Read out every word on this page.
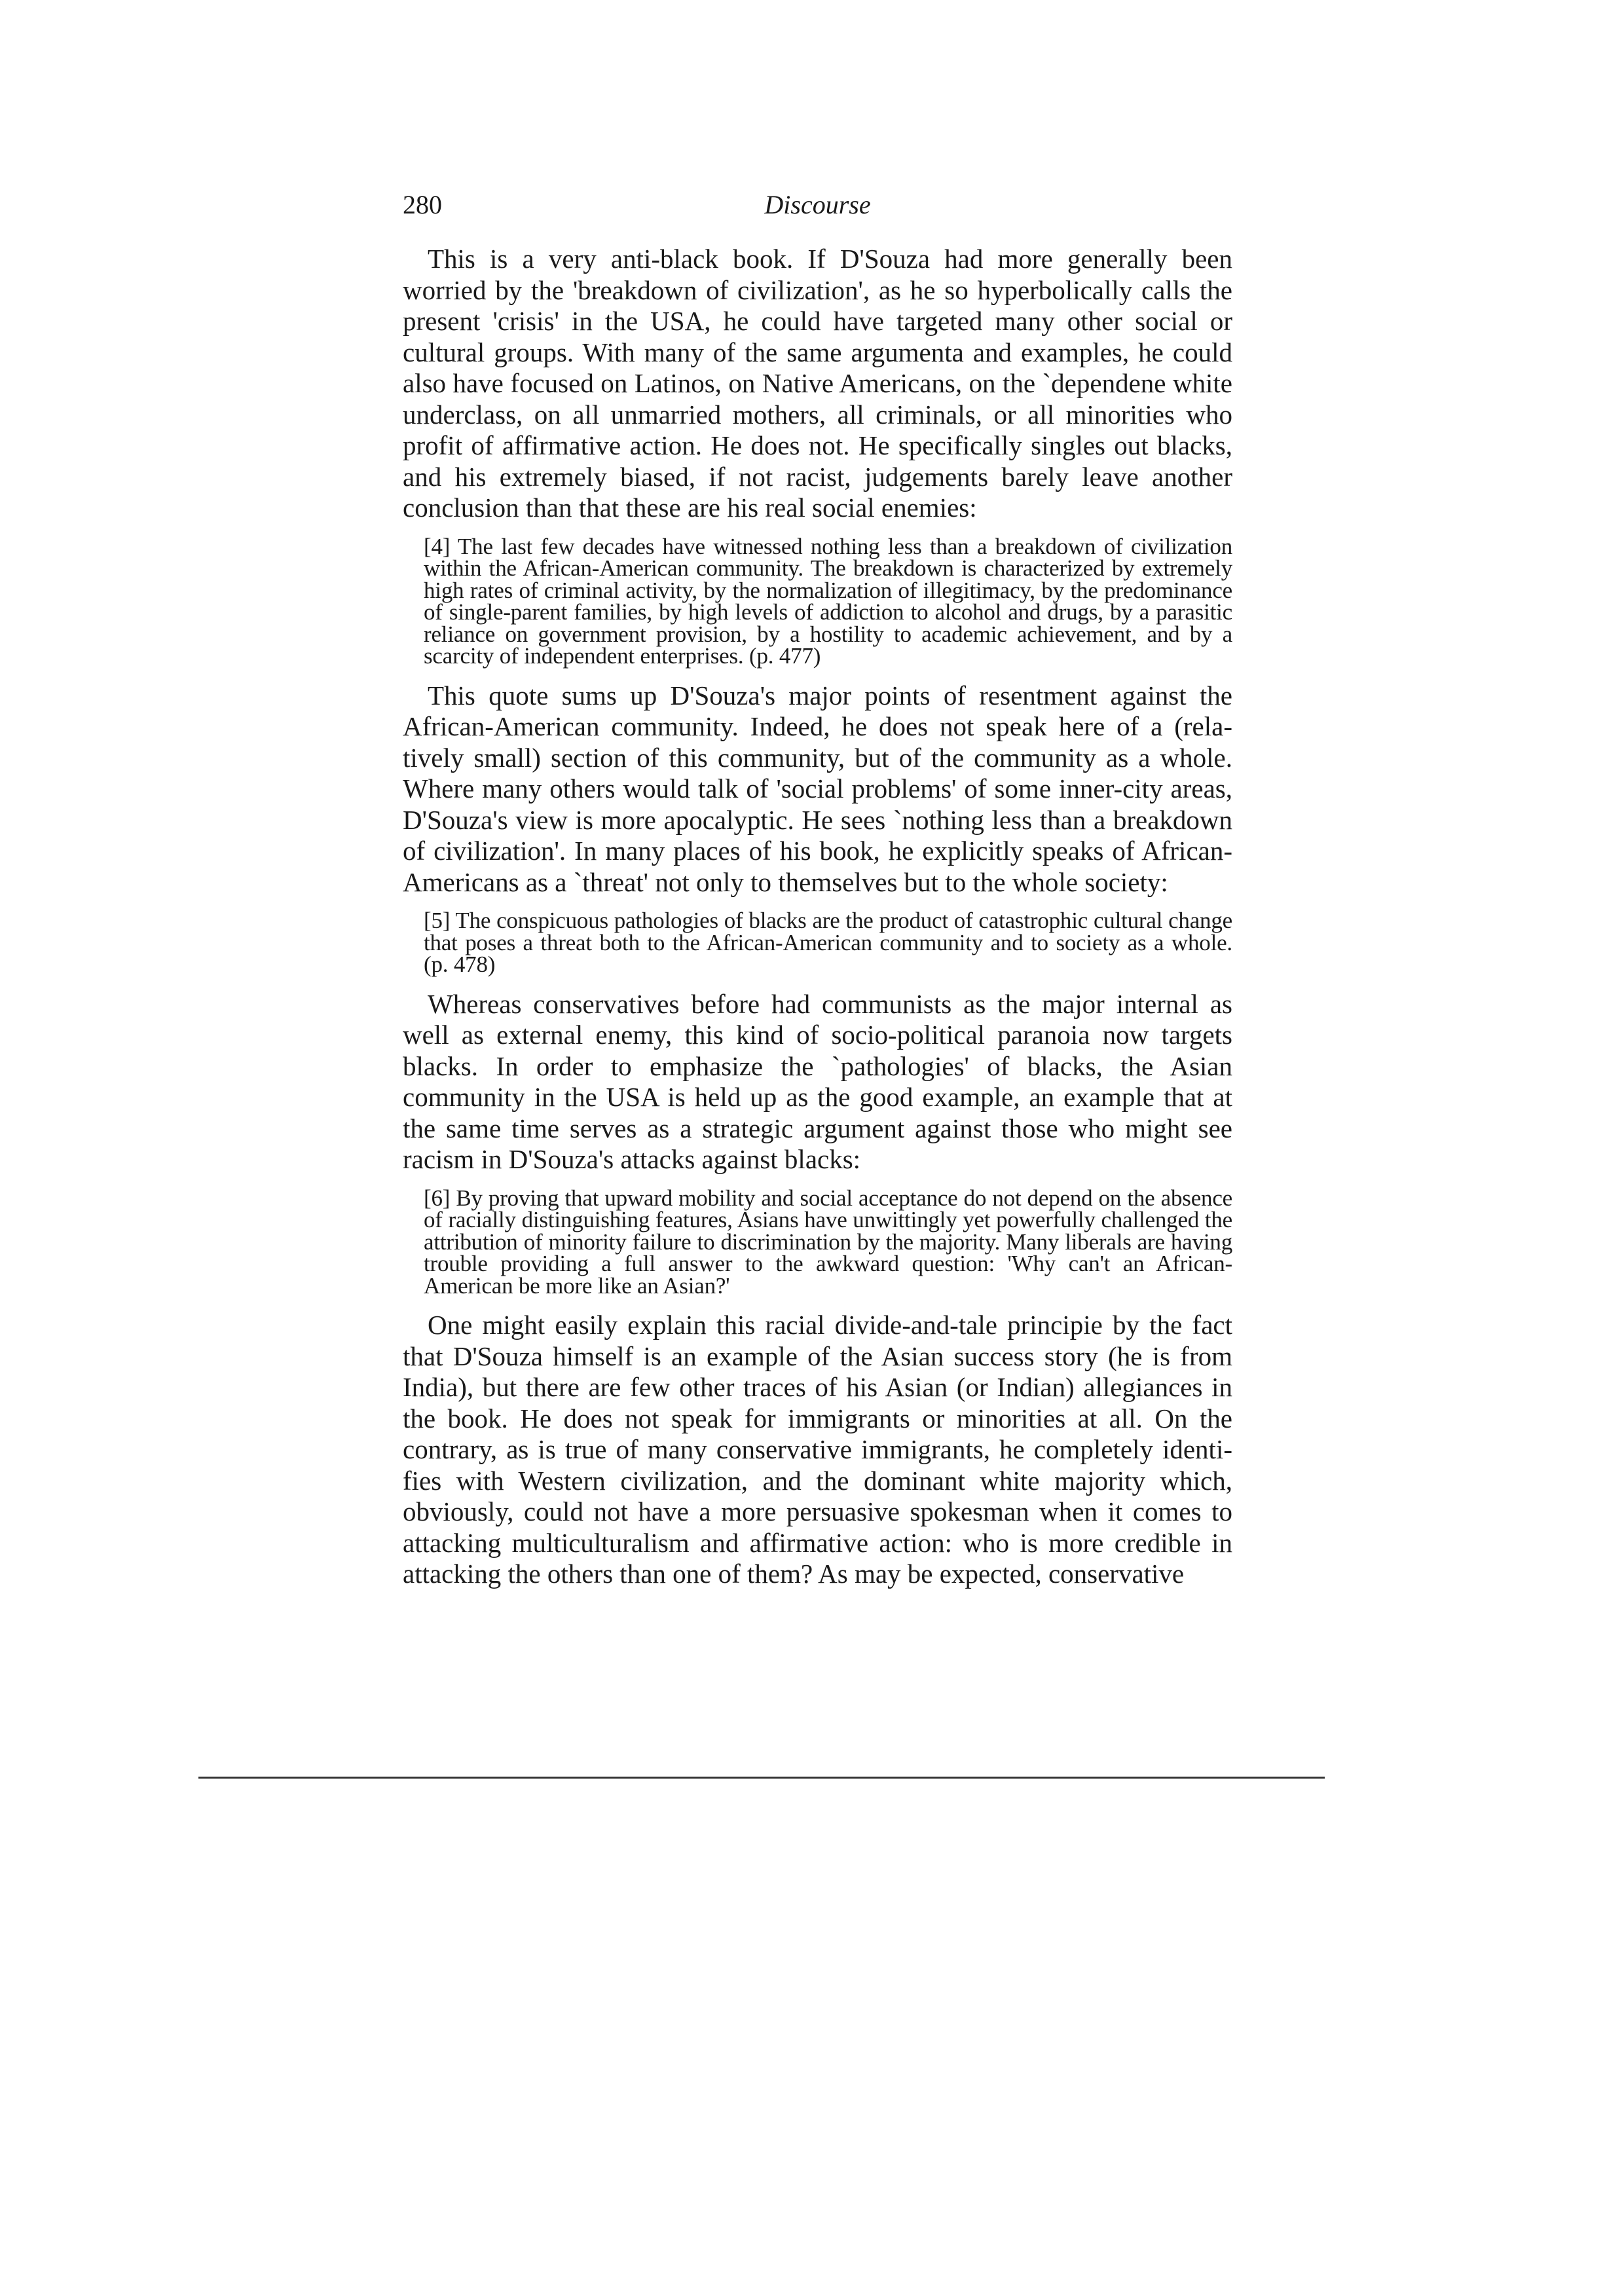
280	Discourse

This is a very anti-black book. If D'Souza had more generally been worried by the 'breakdown of civilization', as he so hyperbolically calls the present 'crisis' in the USA, he could have targeted many other social or cultural groups. With many of the same argumenta and examples, he could also have focused on Latinos, on Native Americans, on the `dependene white underclass, on all unmarried mothers, all criminals, or all minorities who profit of affirmative action. He does not. He specifically singles out blacks, and his extremely biased, if not racist, judgements barely leave another conclusion than that these are his real social enemies:

[4] The last few decades have witnessed nothing less than a breakdown of civilization within the African-American community. The breakdown is characterized by extremely high rates of criminal activity, by the normalization of illegitimacy, by the predominance of single-parent families, by high levels of addiction to alcohol and drugs, by a parasitic reliance on government provision, by a hostility to academic achievement, and by a scarcity of independent enterprises. (p. 477)

This quote sums up D'Souza's major points of resentment against the African-American community. Indeed, he does not speak here of a (relatively small) section of this community, but of the community as a whole. Where many others would talk of 'social problems' of some inner-city areas, D'Souza's view is more apocalyptic. He sees `nothing less than a breakdown of civilization'. In many places of his book, he explicitly speaks of African-Americans as a `threat' not only to themselves but to the whole society:

[5] The conspicuous pathologies of blacks are the product of catastrophic cultural change that poses a threat both to the African-American community and to society as a whole. (p. 478)

Whereas conservatives before had communists as the major internal as well as external enemy, this kind of socio-political paranoia now targets blacks. In order to emphasize the `pathologies' of blacks, the Asian community in the USA is held up as the good example, an example that at the same time serves as a strategic argument against those who might see racism in D'Souza's attacks against blacks:

[6] By proving that upward mobility and social acceptance do not depend on the absence of racially distinguishing features, Asians have unwittingly yet powerfully challenged the attribution of minority failure to discrimination by the majority. Many liberals are having trouble providing a full answer to the awkward question: 'Why can't an African-American be more like an Asian?'

One might easily explain this racial divide-and-tale principie by the fact that D'Souza himself is an example of the Asian success story (he is from India), but there are few other traces of his Asian (or Indian) allegiances in the book. He does not speak for immigrants or minorities at all. On the contrary, as is true of many conservative immigrants, he completely identifies with Western civilization, and the dominant white majority which, obviously, could not have a more persuasive spokesman when it comes to attacking multiculturalism and affirmative action: who is more credible in attacking the others than one of them? As may be expected, conservative
